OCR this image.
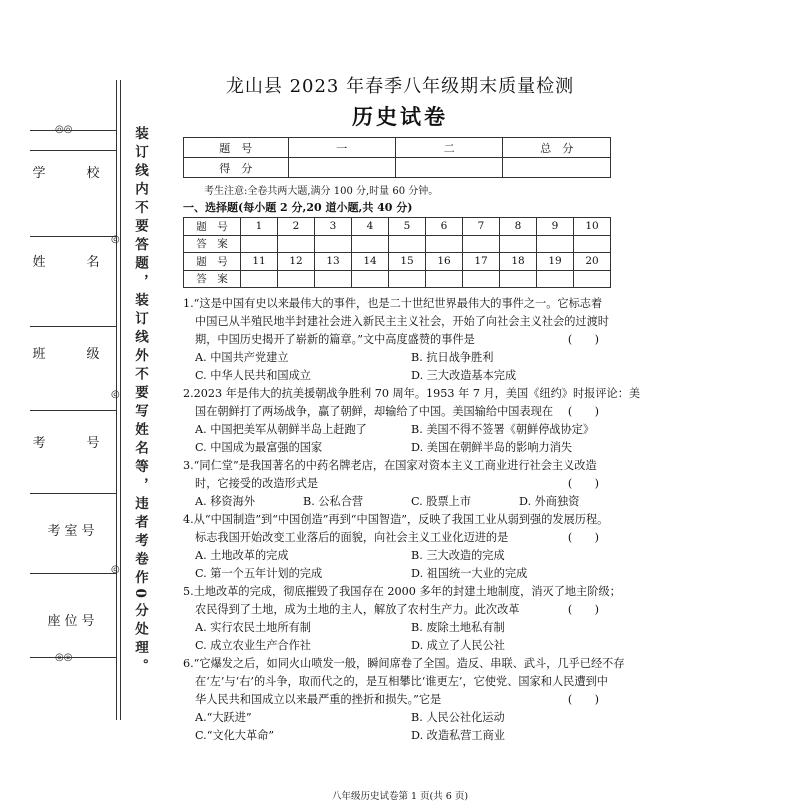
◎
◎
◎
◎◎
◎◎
学　校
姓　名
班　级
考　号
考室号
座位号	装订线内不要答题，装订线外不要写姓名等，违者考卷作0分处理。
龙山县 2023 年春季八年级期末质量检测
历史试卷
题　号	一	二	总　分
得　分			
考生注意:全卷共两大题,满分 100 分,时量 60 分钟。
一、选择题(每小题 2 分,20 道小题,共 40 分)
题　号	1	2	3	4	5	6	7	8	9	10
答　案										
题　号	11	12	13	14	15	16	17	18	19	20
答　案										
1.“这是中国有史以来最伟大的事件，也是二十世纪世界最伟大的事件之一。它标志着
中国已从半殖民地半封建社会进入新民主主义社会，开始了向社会主义社会的过渡时
期，中国历史揭开了崭新的篇章。”文中高度盛赞的事件是	(　　)
A. 中国共产党建立	B. 抗日战争胜利
C. 中华人民共和国成立	D. 三大改造基本完成
2.2023 年是伟大的抗美援朝战争胜利 70 周年。1953 年 7 月，美国《纽约》时报评论：美
国在朝鲜打了两场战争，赢了朝鲜，却输给了中国。美国输给中国表现在 (　　)
A. 中国把美军从朝鲜半岛上赶跑了	B. 美国不得不签署《朝鲜停战协定》
C. 中国成为最富强的国家	D. 美国在朝鲜半岛的影响力消失
3.“同仁堂”是我国著名的中药名牌老店，在国家对资本主义工商业进行社会主义改造
时，它接受的改造形式是	(　　)
A. 移资海外	B. 公私合营	C. 股票上市	D. 外商独资
4.从“中国制造”到“中国创造”再到“中国智造”，反映了我国工业从弱到强的发展历程。
标志我国开始改变工业落后的面貌，向社会主义工业化迈进的是	(　　)
A. 土地改革的完成	B. 三大改造的完成
C. 第一个五年计划的完成	D. 祖国统一大业的完成
5.土地改革的完成，彻底摧毁了我国存在 2000 多年的封建土地制度，消灭了地主阶级；
农民得到了土地，成为土地的主人，解放了农村生产力。此次改革	(　　)
A. 实行农民土地所有制	B. 废除土地私有制
C. 成立农业生产合作社	D. 成立了人民公社
6.“它爆发之后，如同火山喷发一般，瞬间席卷了全国。造反、串联、武斗，几乎已经不存
在‘左’与‘右’的斗争，取而代之的，是互相攀比‘谁更左’，它使党、国家和人民遭到中
华人民共和国成立以来最严重的挫折和损失。”它是	(　　)
A.“大跃进”	B. 人民公社化运动
C.“文化大革命”	D. 改造私营工商业
八年级历史试卷第 1 页(共 6 页)
